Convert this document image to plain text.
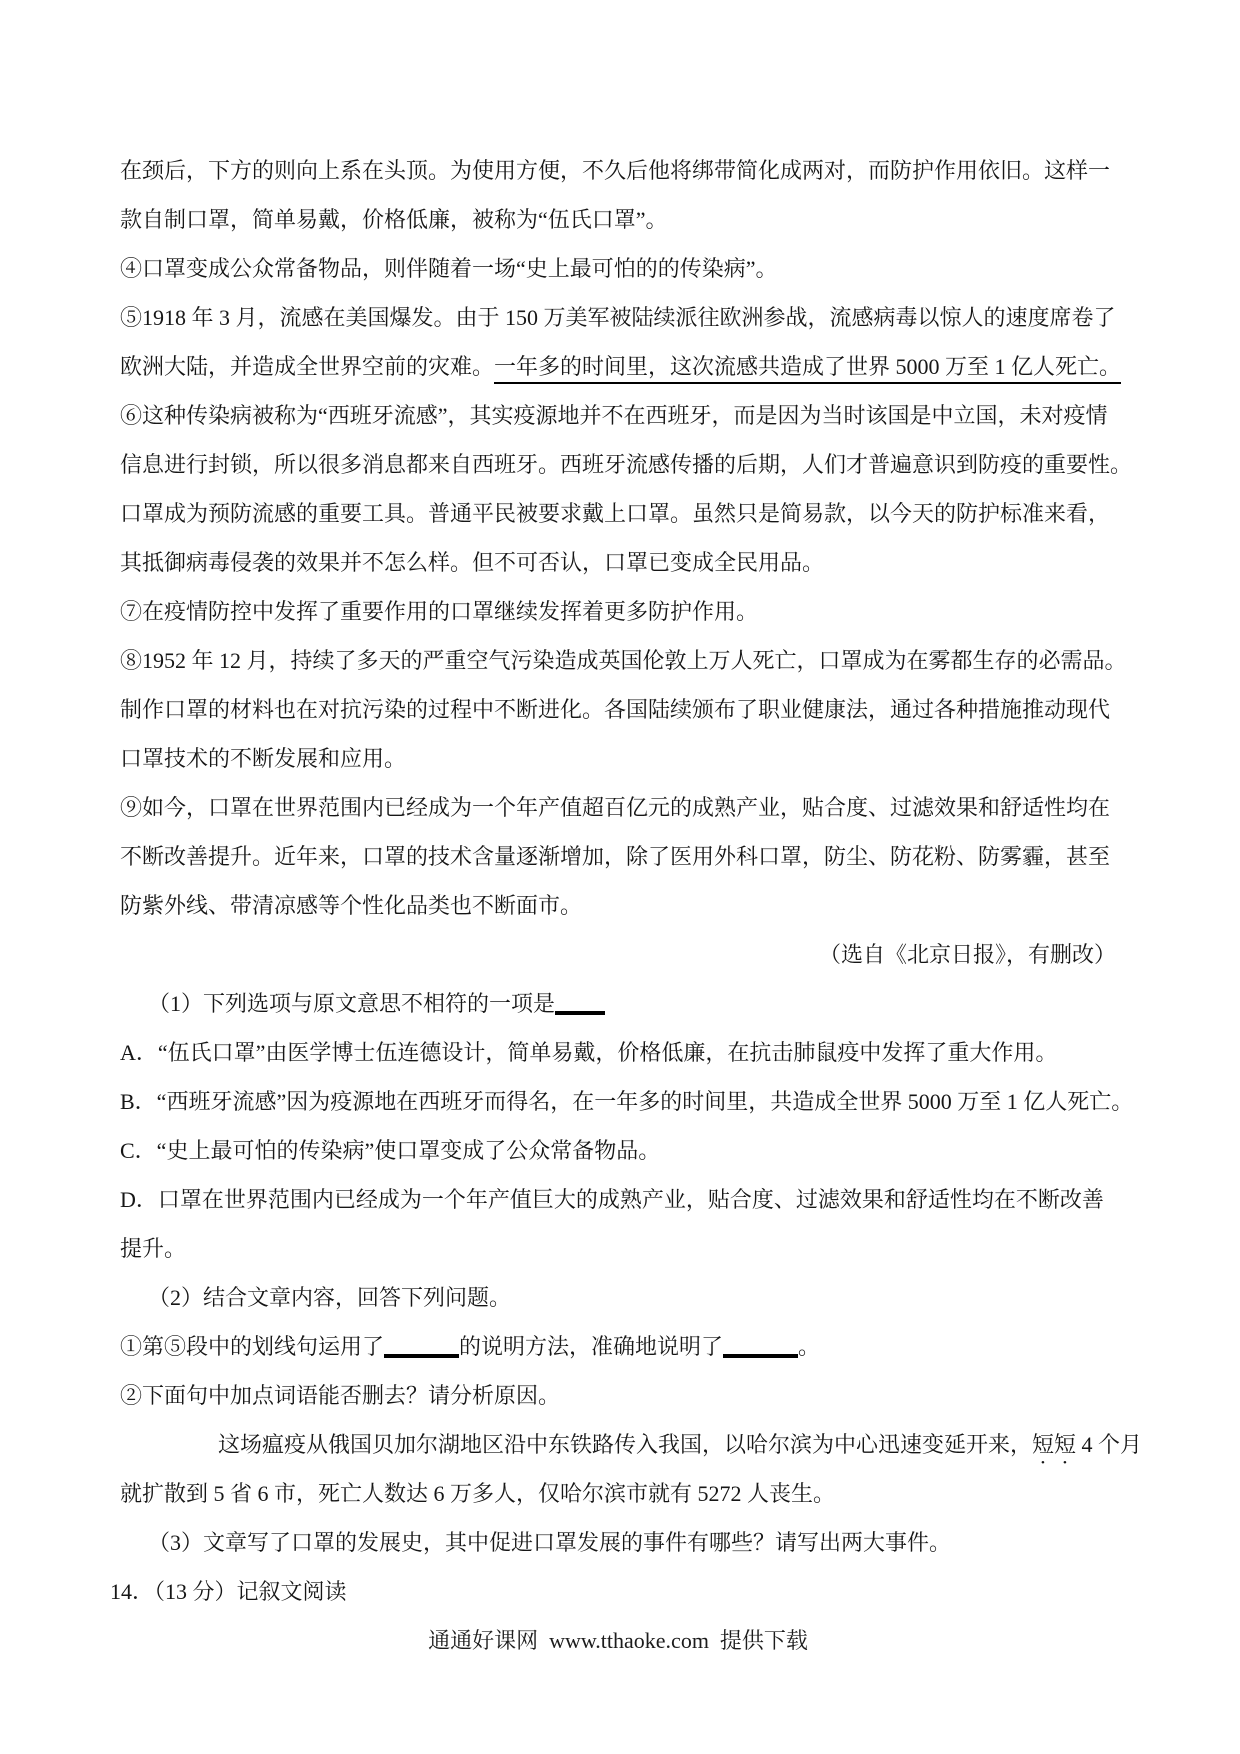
在颈后，下方的则向上系在头顶。为使用方便，不久后他将绑带简化成两对，而防护作用依旧。这样一
款自制口罩，简单易戴，价格低廉，被称为“伍氏口罩”。
④口罩变成公众常备物品，则伴随着一场“史上最可怕的的传染病”。
⑤1918 年 3 月，流感在美国爆发。由于 150 万美军被陆续派往欧洲参战，流感病毒以惊人的速度席卷了
欧洲大陆，并造成全世界空前的灾难。一年多的时间里，这次流感共造成了世界 5000 万至 1 亿人死亡。
⑥这种传染病被称为“西班牙流感”，其实疫源地并不在西班牙，而是因为当时该国是中立国，未对疫情
信息进行封锁，所以很多消息都来自西班牙。西班牙流感传播的后期，人们才普遍意识到防疫的重要性。
口罩成为预防流感的重要工具。普通平民被要求戴上口罩。虽然只是简易款，以今天的防护标准来看，
其抵御病毒侵袭的效果并不怎么样。但不可否认，口罩已变成全民用品。
⑦在疫情防控中发挥了重要作用的口罩继续发挥着更多防护作用。
⑧1952 年 12 月，持续了多天的严重空气污染造成英国伦敦上万人死亡，口罩成为在雾都生存的必需品。
制作口罩的材料也在对抗污染的过程中不断进化。各国陆续颁布了职业健康法，通过各种措施推动现代
口罩技术的不断发展和应用。
⑨如今，口罩在世界范围内已经成为一个年产值超百亿元的成熟产业，贴合度、过滤效果和舒适性均在
不断改善提升。近年来，口罩的技术含量逐渐增加，除了医用外科口罩，防尘、防花粉、防雾霾，甚至
防紫外线、带清凉感等个性化品类也不断面市。
（选自《北京日报》，有删改）
（1）下列选项与原文意思不相符的一项是
A．“伍氏口罩”由医学博士伍连德设计，简单易戴，价格低廉，在抗击肺鼠疫中发挥了重大作用。
B．“西班牙流感”因为疫源地在西班牙而得名，在一年多的时间里，共造成全世界 5000 万至 1 亿人死亡。
C．“史上最可怕的传染病”使口罩变成了公众常备物品。
D．口罩在世界范围内已经成为一个年产值巨大的成熟产业，贴合度、过滤效果和舒适性均在不断改善
提升。
（2）结合文章内容，回答下列问题。
①第⑤段中的划线句运用了	的说明方法，准确地说明了	。
②下面句中加点词语能否删去？请分析原因。
这场瘟疫从俄国贝加尔湖地区沿中东铁路传入我国，以哈尔滨为中心迅速变延开来，短短 4 个月
就扩散到 5 省 6 市，死亡人数达 6 万多人，仅哈尔滨市就有 5272 人丧生。
（3）文章写了口罩的发展史，其中促进口罩发展的事件有哪些？请写出两大事件。
14．（13 分）记叙文阅读
通通好课网  www.tthaoke.com  提供下载
